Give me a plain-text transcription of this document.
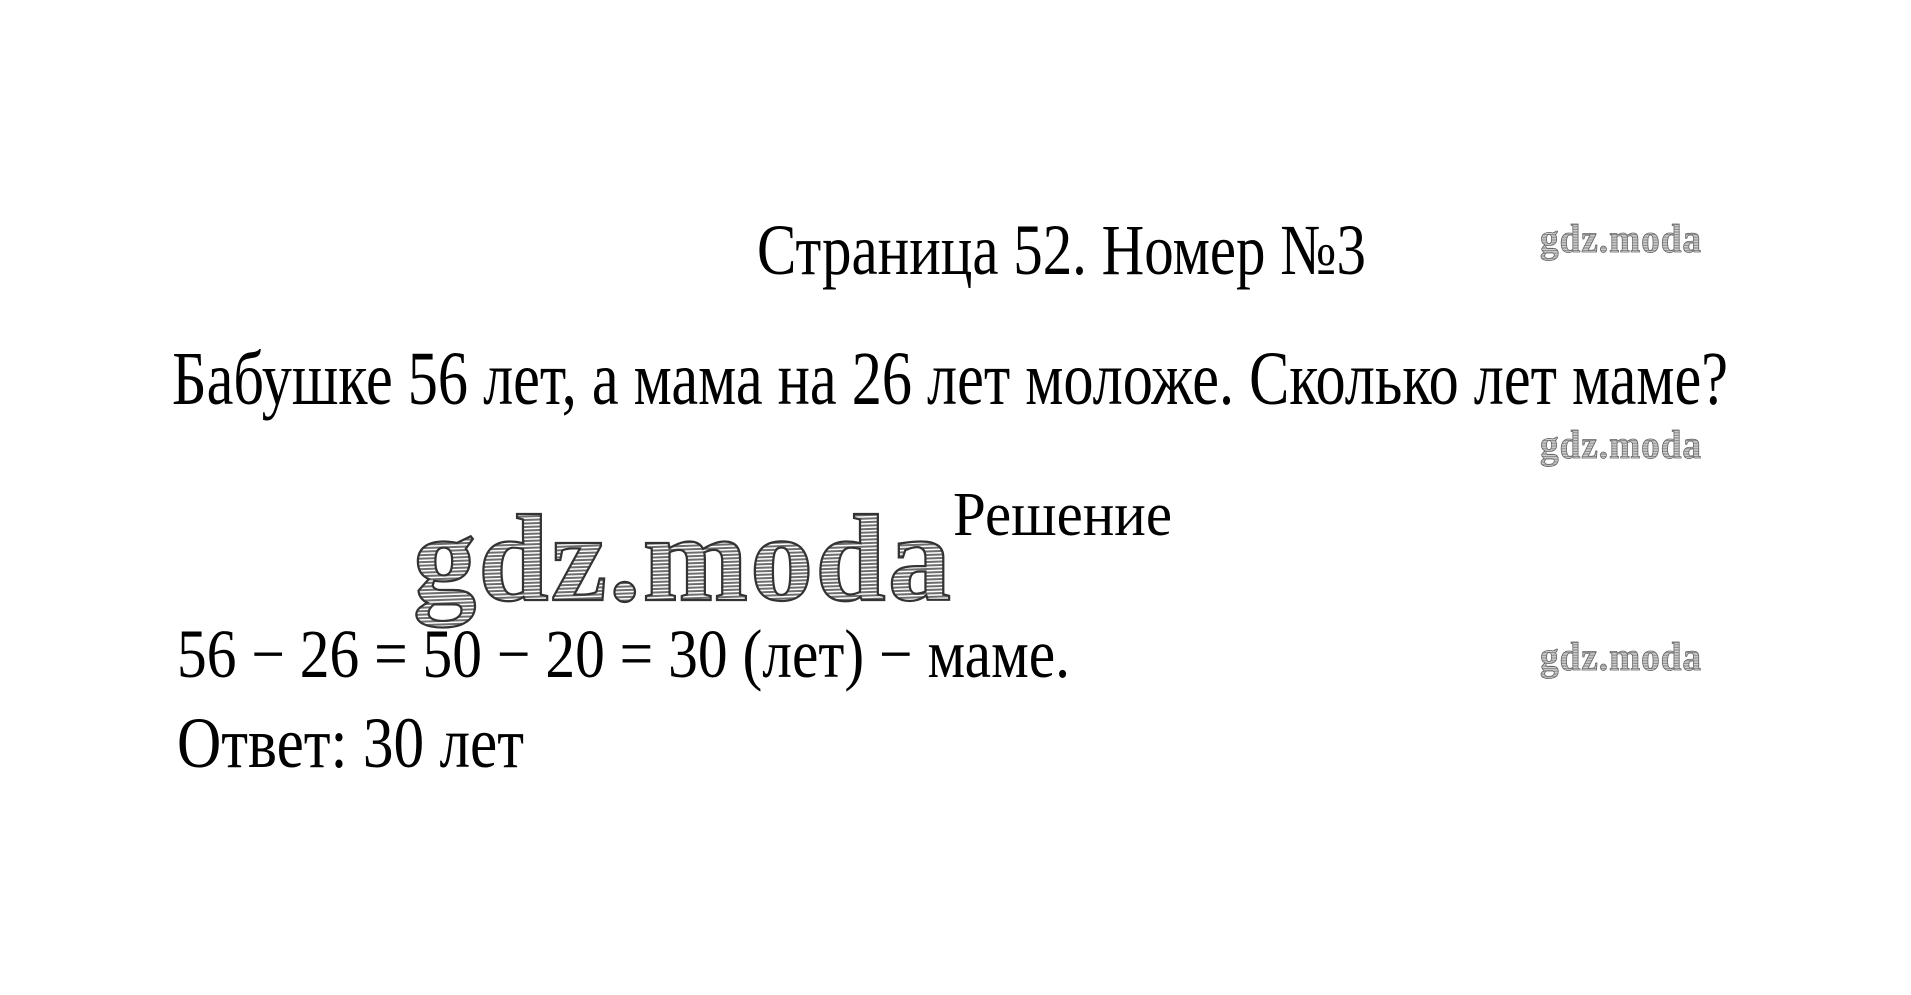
Страница 52. Номер №3
Бабушке 56 лет, а мама на 26 лет моложе. Сколько лет маме?
Решение
56 − 26 = 50 − 20 = 30 (лет) − маме.
Ответ: 30 лет
gdz.moda
gdz.moda
gdz.moda
gdz.moda
